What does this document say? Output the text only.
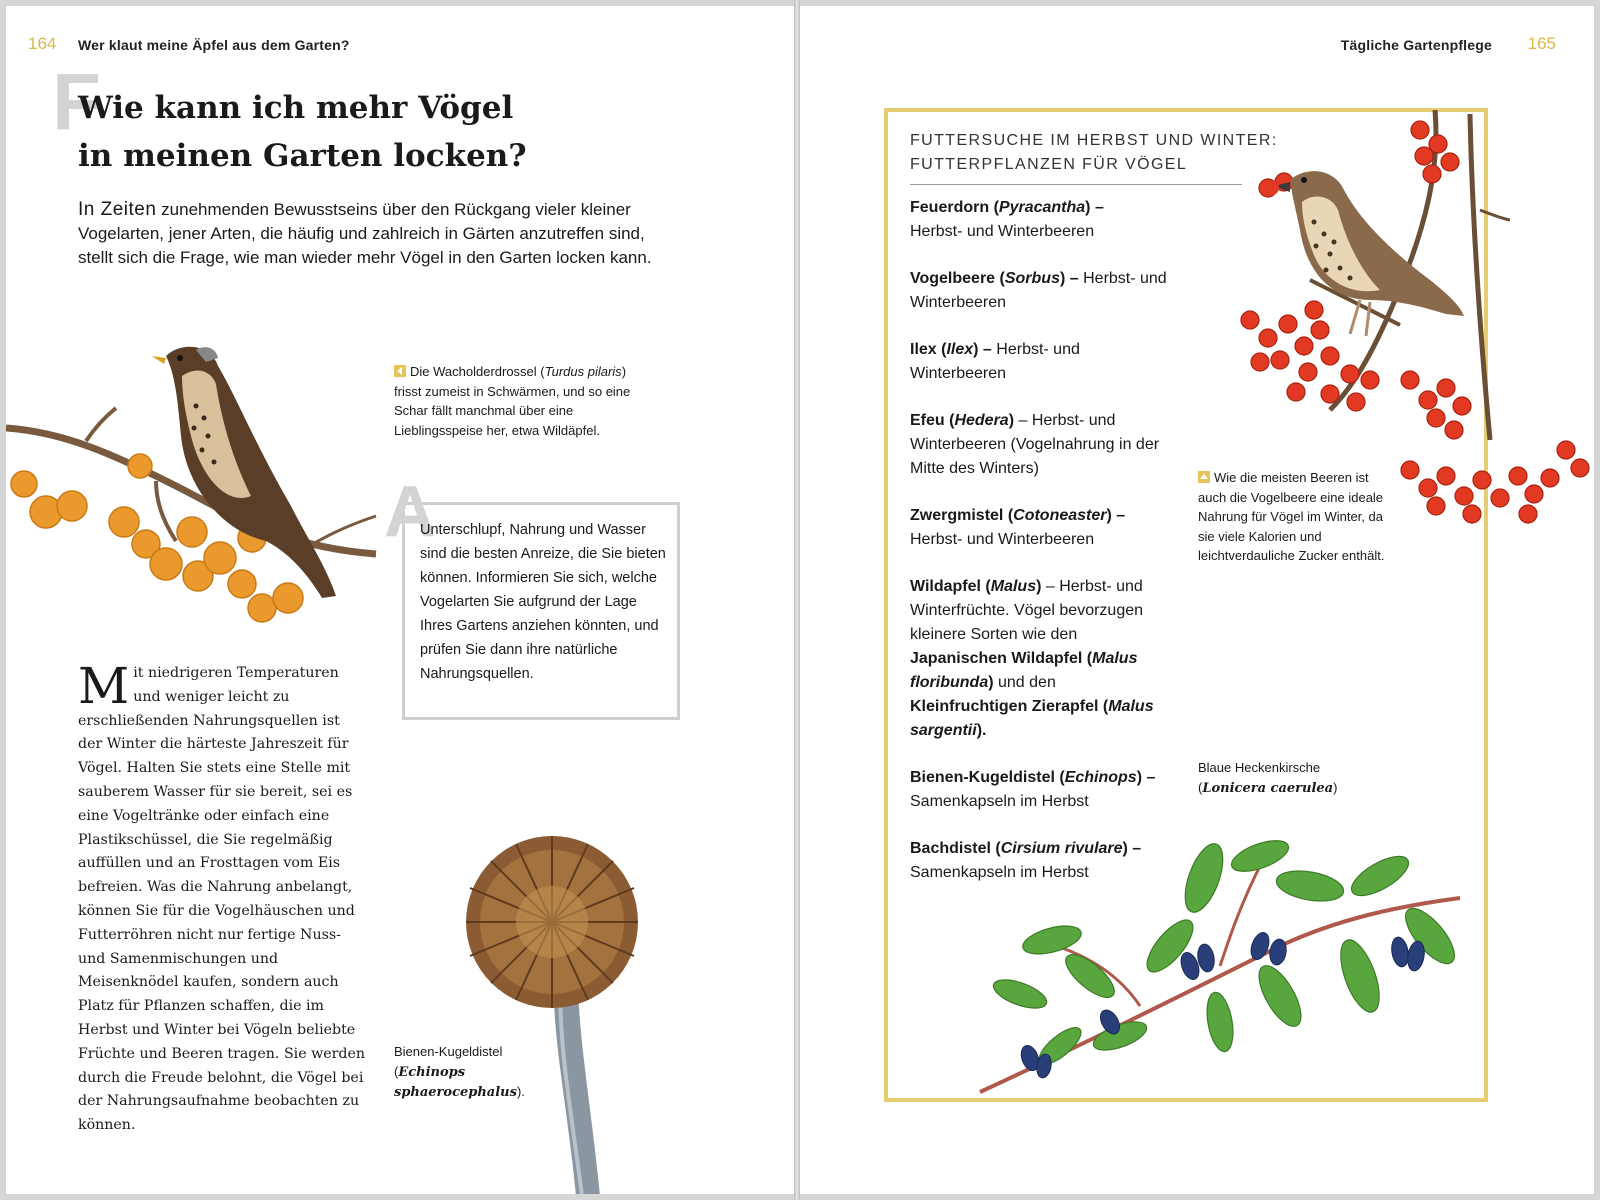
164 Wer klaut meine Äpfel aus dem Garten?
F
Wie kann ich mehr Vögel
in meinen Garten locken?

In Zeiten zunehmenden Bewusstseins über den Rückgang vieler kleiner Vogelarten, jener Arten, die häufig und zahlreich in Gärten anzutreffen sind, stellt sich die Frage, wie man wieder mehr Vögel in den Garten locken kann.

Die Wacholderdrossel (Turdus pilaris) frisst zumeist in Schwärmen, und so eine Schar fällt manchmal über eine Lieblingsspeise her, etwa Wildäpfel.

A

Unterschlupf, Nahrung und Wasser sind die besten Anreize, die Sie bieten können. Informieren Sie sich, welche Vogelarten Sie aufgrund der Lage Ihres Gartens anziehen könnten, und prüfen Sie dann ihre natürliche Nahrungsquellen.

Mit niedrigeren Temperaturen und weniger leicht zu erschließenden Nahrungsquellen ist der Winter die härteste Jahreszeit für Vögel. Halten Sie stets eine Stelle mit sauberem Wasser für sie bereit, sei es eine Vogeltränke oder einfach eine Plastikschüssel, die Sie regelmäßig auffüllen und an Frosttagen vom Eis befreien. Was die Nahrung anbelangt, können Sie für die Vogelhäuschen und Futterröhren nicht nur fertige Nuss- und Samenmischungen und Meisenknödel kaufen, sondern auch Platz für Pflanzen schaffen, die im Herbst und Winter bei Vögeln beliebte Früchte und Beeren tragen. Sie werden durch die Freude belohnt, die Vögel bei der Nahrungsaufnahme beobachten zu können.

Bienen-Kugeldistel
(Echinops sphaerocephalus).

Tägliche Gartenpflege 165

FUTTERSUCHE IM HERBST UND WINTER:
FUTTERPFLANZEN FÜR VÖGEL

Feuerdorn (Pyracantha) –
Herbst- und Winterbeeren
Vogelbeere (Sorbus) – Herbst- und Winterbeeren
Ilex (Ilex) – Herbst- und Winterbeeren
Efeu (Hedera) – Herbst- und Winterbeeren (Vogelnahrung in der Mitte des Winters)
Zwergmistel (Cotoneaster) –
Herbst- und Winterbeeren
Wildapfel (Malus) – Herbst- und Winterfrüchte. Vögel bevorzugen kleinere Sorten wie den Japanischen Wildapfel (Malus floribunda) und den Kleinfruchtigen Zierapfel (Malus sargentii).
Bienen-Kugeldistel (Echinops) –
Samenkapseln im Herbst
Bachdistel (Cirsium rivulare) –
Samenkapseln im Herbst

Wie die meisten Beeren ist auch die Vogelbeere eine ideale Nahrung für Vögel im Winter, da sie viele Kalorien und leichtverdauliche Zucker enthält.

Blaue Heckenkirsche
(Lonicera caerulea)
